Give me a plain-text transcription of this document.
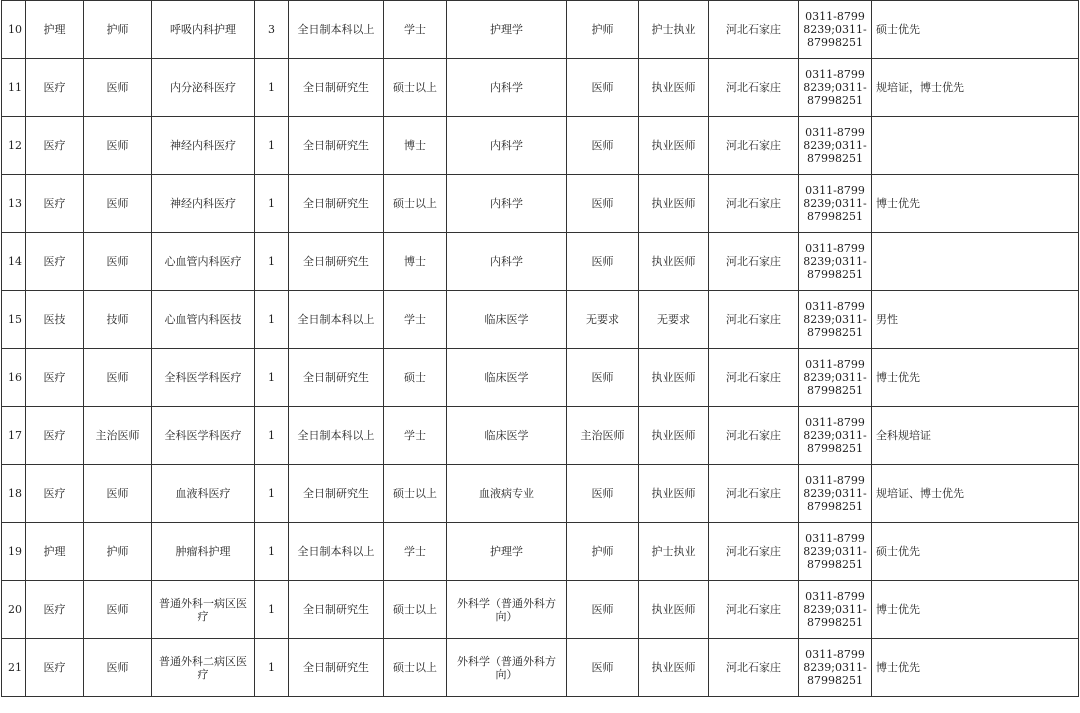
10	护理	护师	呼吸内科护理	3	全日制本科以上	学士	护理学	护师	护士执业	河北石家庄	0311-87998239;0311-87998251	硕士优先
11	医疗	医师	内分泌科医疗	1	全日制研究生	硕士以上	内科学	医师	执业医师	河北石家庄	0311-87998239;0311-87998251	规培证，博士优先
12	医疗	医师	神经内科医疗	1	全日制研究生	博士	内科学	医师	执业医师	河北石家庄	0311-87998239;0311-87998251	
13	医疗	医师	神经内科医疗	1	全日制研究生	硕士以上	内科学	医师	执业医师	河北石家庄	0311-87998239;0311-87998251	博士优先
14	医疗	医师	心血管内科医疗	1	全日制研究生	博士	内科学	医师	执业医师	河北石家庄	0311-87998239;0311-87998251	
15	医技	技师	心血管内科医技	1	全日制本科以上	学士	临床医学	无要求	无要求	河北石家庄	0311-87998239;0311-87998251	男性
16	医疗	医师	全科医学科医疗	1	全日制研究生	硕士	临床医学	医师	执业医师	河北石家庄	0311-87998239;0311-87998251	博士优先
17	医疗	主治医师	全科医学科医疗	1	全日制本科以上	学士	临床医学	主治医师	执业医师	河北石家庄	0311-87998239;0311-87998251	全科规培证
18	医疗	医师	血液科医疗	1	全日制研究生	硕士以上	血液病专业	医师	执业医师	河北石家庄	0311-87998239;0311-87998251	规培证、博士优先
19	护理	护师	肿瘤科护理	1	全日制本科以上	学士	护理学	护师	护士执业	河北石家庄	0311-87998239;0311-87998251	硕士优先
20	医疗	医师	普通外科一病区医疗	1	全日制研究生	硕士以上	外科学（普通外科方向）	医师	执业医师	河北石家庄	0311-87998239;0311-87998251	博士优先
21	医疗	医师	普通外科二病区医疗	1	全日制研究生	硕士以上	外科学（普通外科方向）	医师	执业医师	河北石家庄	0311-87998239;0311-87998251	博士优先
